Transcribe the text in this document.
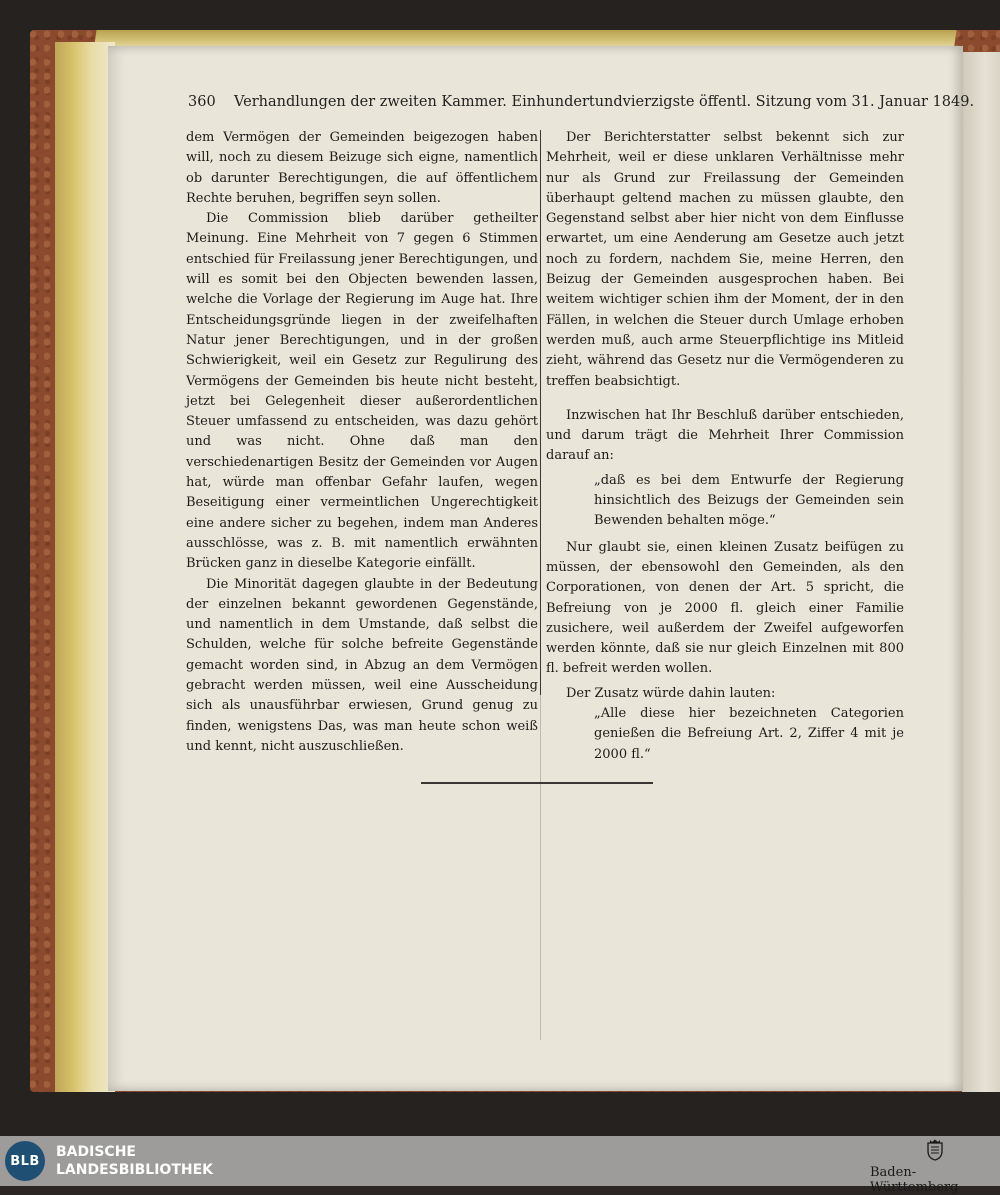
360 Verhandlungen der zweiten Kammer. Einhundertundvierzigste öffentl. Sitzung vom 31. Januar 1849.

dem Vermögen der Gemeinden beigezogen haben will, noch zu diesem Beizuge sich eigne, namentlich ob darunter Berechtigungen, die auf öffentlichem Rechte beruhen, begriffen seyn sollen.

Die Commission blieb darüber getheilter Meinung. Eine Mehrheit von 7 gegen 6 Stimmen entschied für Freilassung jener Berechtigungen, und will es somit bei den Objecten bewenden lassen, welche die Vorlage der Regierung im Auge hat. Ihre Entscheidungsgründe liegen in der zweifelhaften Natur jener Berechtigungen, und in der großen Schwierigkeit, weil ein Gesetz zur Regulirung des Vermögens der Gemeinden bis heute nicht besteht, jetzt bei Gelegenheit dieser außerordentlichen Steuer umfassend zu entscheiden, was dazu gehört und was nicht. Ohne daß man den verschiedenartigen Besitz der Gemeinden vor Augen hat, würde man offenbar Gefahr laufen, wegen Beseitigung einer vermeintlichen Ungerechtigkeit eine andere sicher zu begehen, indem man Anderes ausschlösse, was z. B. mit namentlich erwähnten Brücken ganz in dieselbe Kategorie einfällt.

Die Minorität dagegen glaubte in der Bedeutung der einzelnen bekannt gewordenen Gegenstände, und namentlich in dem Umstande, daß selbst die Schulden, welche für solche befreite Gegenstände gemacht worden sind, in Abzug an dem Vermögen gebracht werden müssen, weil eine Ausscheidung sich als unausführbar erwiesen, Grund genug zu finden, wenigstens Das, was man heute schon weiß und kennt, nicht auszuschließen.

Der Berichterstatter selbst bekennt sich zur Mehrheit, weil er diese unklaren Verhältnisse mehr nur als Grund zur Freilassung der Gemeinden überhaupt geltend machen zu müssen glaubte, den Gegenstand selbst aber hier nicht von dem Einflusse erwartet, um eine Aenderung am Gesetze auch jetzt noch zu fordern, nachdem Sie, meine Herren, den Beizug der Gemeinden ausgesprochen haben. Bei weitem wichtiger schien ihm der Moment, der in den Fällen, in welchen die Steuer durch Umlage erhoben werden muß, auch arme Steuerpflichtige ins Mitleid zieht, während das Gesetz nur die Vermögenderen zu treffen beabsichtigt.

Inzwischen hat Ihr Beschluß darüber entschieden, und darum trägt die Mehrheit Ihrer Commission darauf an:

„daß es bei dem Entwurfe der Regierung hinsichtlich des Beizugs der Gemeinden sein Bewenden behalten möge.“

Nur glaubt sie, einen kleinen Zusatz beifügen zu müssen, der ebensowohl den Gemeinden, als den Corporationen, von denen der Art. 5 spricht, die Befreiung von je 2000 fl. gleich einer Familie zusichere, weil außerdem der Zweifel aufgeworfen werden könnte, daß sie nur gleich Einzelnen mit 800 fl. befreit werden wollen.

Der Zusatz würde dahin lauten:

„Alle diese hier bezeichneten Categorien genießen die Befreiung Art. 2, Ziffer 4 mit je 2000 fl.“

BLB
BADISCHE
LANDESBIBLIOTHEK	Baden-Württemberg
